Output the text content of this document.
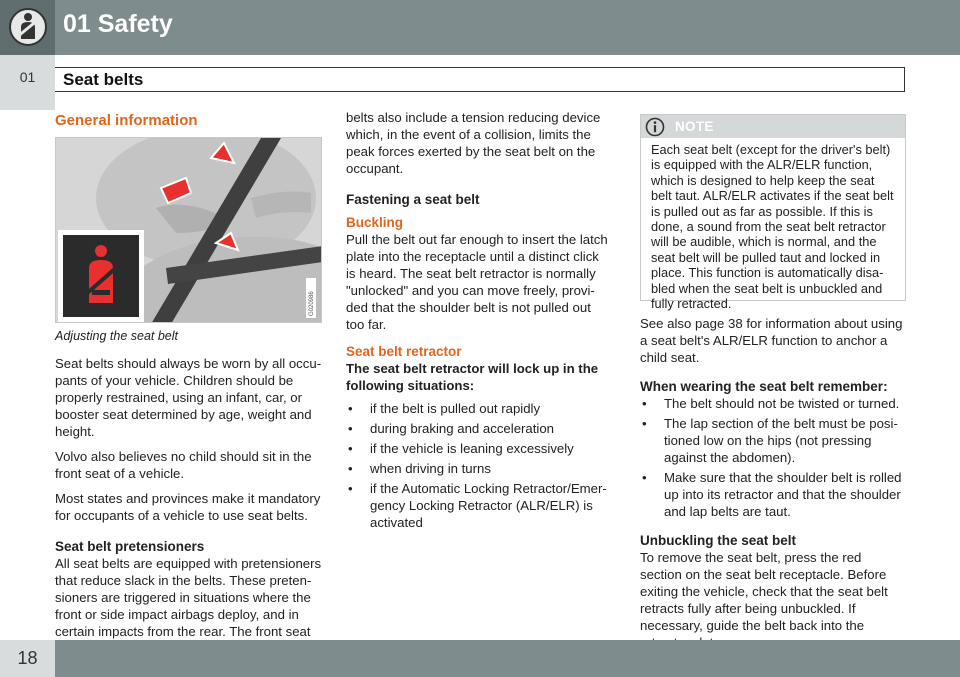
01 Safety
01	Seat belts
General information
G020986
Adjusting the seat belt

Seat belts should always be worn by all occu-pants of your vehicle. Children should be properly restrained, using an infant, car, or booster seat determined by age, weight and height.

Volvo also believes no child should sit in the front seat of a vehicle.

Most states and provinces make it mandatory for occupants of a vehicle to use seat belts.

Seat belt pretensioners

All seat belts are equipped with pretensioners that reduce slack in the belts. These preten-sioners are triggered in situations where the front or side impact airbags deploy, and in certain impacts from the rear. The front seat

belts also include a tension reducing device which, in the event of a collision, limits the peak forces exerted by the seat belt on the occupant.

Fastening a seat belt
Buckling

Pull the belt out far enough to insert the latch plate into the receptacle until a distinct click is heard. The seat belt retractor is normally "unlocked" and you can move freely, provi-ded that the shoulder belt is not pulled out too far.

Seat belt retractor
The seat belt retractor will lock up in the following situations:
• if the belt is pulled out rapidly
• during braking and acceleration
• if the vehicle is leaning excessively
• when driving in turns
• if the Automatic Locking Retractor/Emer-gency Locking Retractor (ALR/ELR) is activated
NOTE
Each seat belt (except for the driver's belt) is equipped with the ALR/ELR function, which is designed to help keep the seat belt taut. ALR/ELR activates if the seat belt is pulled out as far as possible. If this is done, a sound from the seat belt retractor will be audible, which is normal, and the seat belt will be pulled taut and locked in place. This function is automatically disa-bled when the seat belt is unbuckled and fully retracted.

See also page 38 for information about using a seat belt's ALR/ELR function to anchor a child seat.

When wearing the seat belt remember:
• The belt should not be twisted or turned.
• The lap section of the belt must be posi-tioned low on the hips (not pressing against the abdomen).
• Make sure that the shoulder belt is rolled up into its retractor and that the shoulder and lap belts are taut.
Unbuckling the seat belt

To remove the seat belt, press the red section on the seat belt receptacle. Before exiting the vehicle, check that the seat belt retracts fully after being unbuckled. If necessary, guide the belt back into the

18
